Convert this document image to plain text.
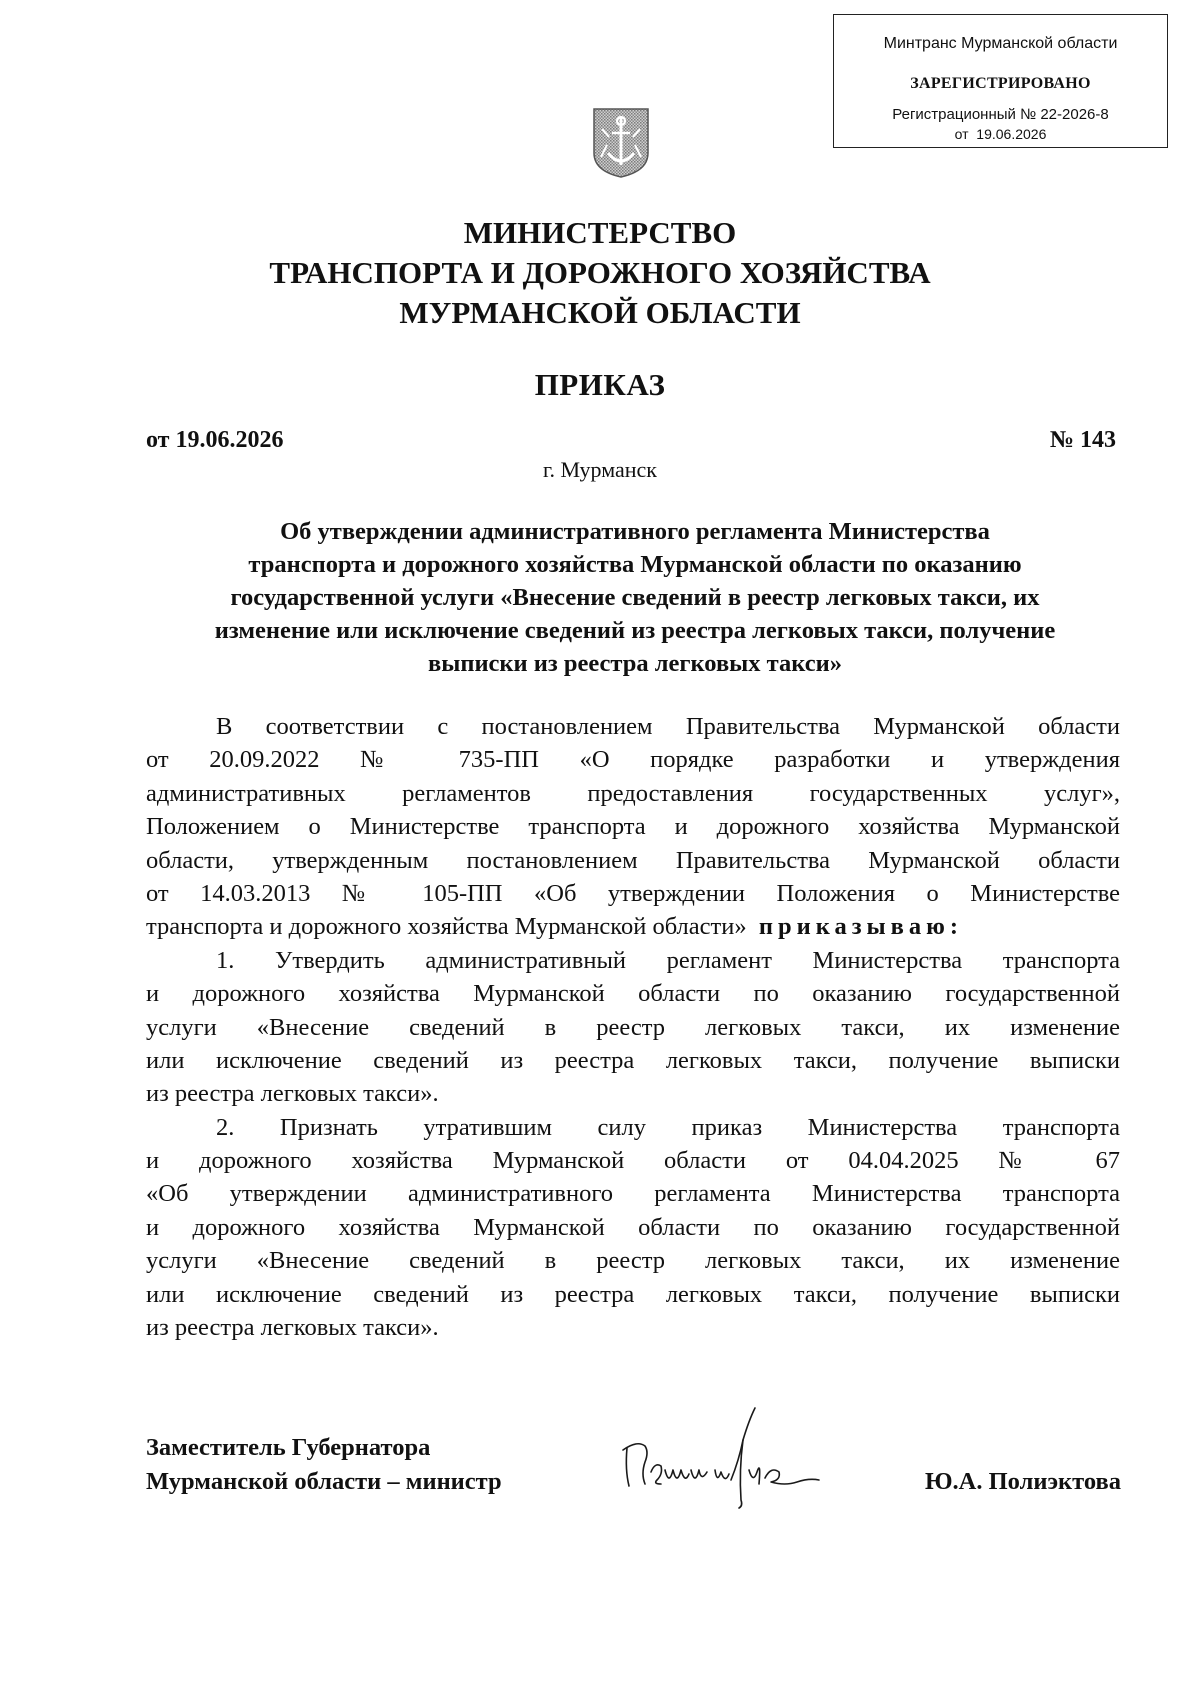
Минтранс Мурманской области
ЗАРЕГИСТРИРОВАНО
Регистрационный № 22-2026-8
от  19.06.2026
МИНИСТЕРСТВО
ТРАНСПОРТА И ДОРОЖНОГО ХОЗЯЙСТВА
МУРМАНСКОЙ ОБЛАСТИ
ПРИКАЗ
от 19.06.2026	№ 143
г. Мурманск
Об утверждении административного регламента Министерства
транспорта и дорожного хозяйства Мурманской области по оказанию
государственной услуги «Внесение сведений в реестр легковых такси, их
изменение или исключение сведений из реестра легковых такси, получение
выписки из реестра легковых такси»
В соответствии с постановлением Правительства Мурманской области
от 20.09.2022 № 735-ПП «О порядке разработки и утверждения
административных регламентов предоставления государственных услуг»,
Положением о Министерстве транспорта и дорожного хозяйства Мурманской
области, утвержденным постановлением Правительства Мурманской области
от 14.03.2013 № 105-ПП «Об утверждении Положения о Министерстве
транспорта и дорожного хозяйства Мурманской области» приказываю:
1. Утвердить административный регламент Министерства транспорта
и дорожного хозяйства Мурманской области по оказанию государственной
услуги «Внесение сведений в реестр легковых такси, их изменение
или исключение сведений из реестра легковых такси, получение выписки
из реестра легковых такси».
2. Признать утратившим силу приказ Министерства транспорта
и дорожного хозяйства Мурманской области от 04.04.2025 № 67
«Об утверждении административного регламента Министерства транспорта
и дорожного хозяйства Мурманской области по оказанию государственной
услуги «Внесение сведений в реестр легковых такси, их изменение
или исключение сведений из реестра легковых такси, получение выписки
из реестра легковых такси».
Заместитель Губернатора
Мурманской области – министр	Ю.А. Полиэктова
